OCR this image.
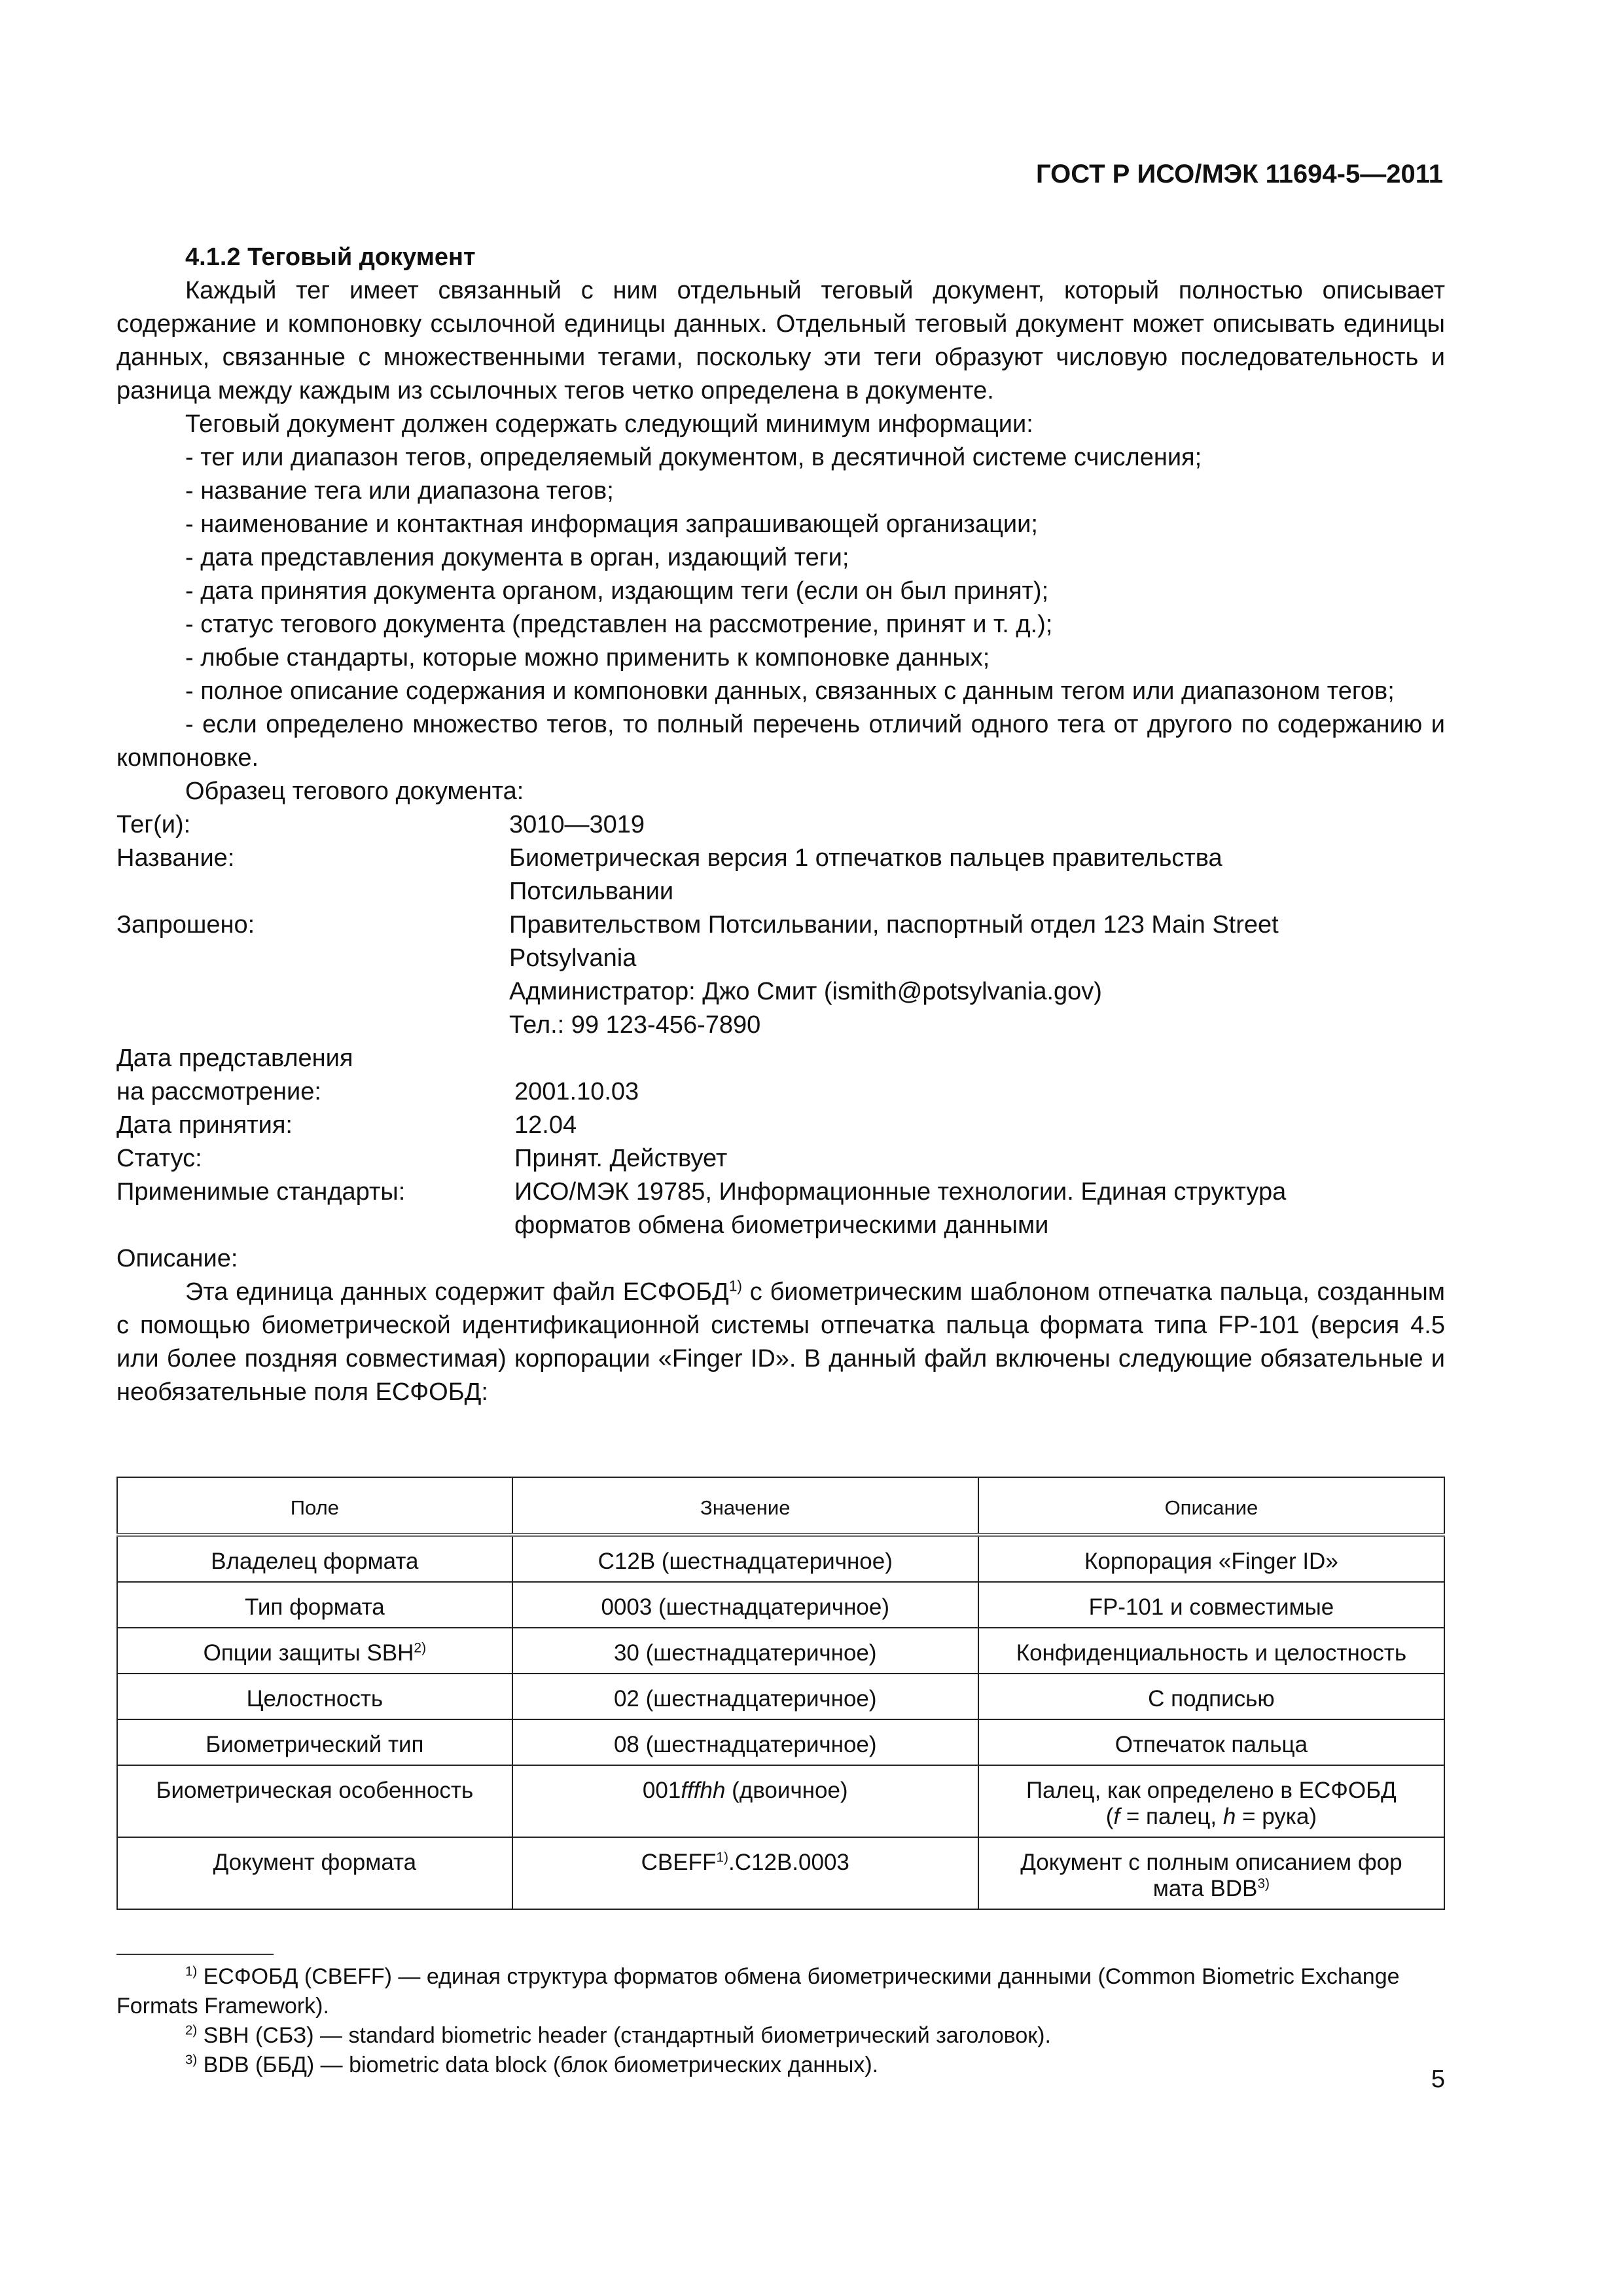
ГОСТ Р ИСО/МЭК 11694-5—2011

4.1.2 Теговый документ

Каждый тег имеет связанный с ним отдельный теговый документ, который полностью описывает содержание и компоновку ссылочной единицы данных. Отдельный теговый документ может описывать единицы данных, связанные с множественными тегами, поскольку эти теги образуют числовую последовательность и разница между каждым из ссылочных тегов четко определена в документе.

Теговый документ должен содержать следующий минимум информации:

- тег или диапазон тегов, определяемый документом, в десятичной системе счисления;

- название тега или диапазона тегов;

- наименование и контактная информация запрашивающей организации;

- дата представления документа в орган, издающий теги;

- дата принятия документа органом, издающим теги (если он был принят);

- статус тегового документа (представлен на рассмотрение, принят и т. д.);

- любые стандарты, которые можно применить к компоновке данных;

- полное описание содержания и компоновки данных, связанных с данным тегом или диапазоном тегов;

- если определено множество тегов, то полный перечень отличий одного тега от другого по содержанию и компоновке.

Образец тегового документа:

Тег(и):	3010—3019
Название:	Биометрическая версия 1 отпечатков пальцев правительства
Потсильвании
Запрошено:	Правительством Потсильвании, паспортный отдел 123 Main Street
Potsylvania
Администратор: Джо Смит (ismith@potsylvania.gov)
Тел.: 99 123-456-7890
Дата представления
на рассмотрение:
	2001.10.03
Дата принятия:	12.04
Статус:	Принят. Действует
Применимые стандарты:	ИСО/МЭК 19785, Информационные технологии. Единая структура
форматов обмена биометрическими данными

Описание:

Эта единица данных содержит файл ЕСФОБД$^{1)}$ с биометрическим шаблоном отпечатка пальца, созданным с помощью биометрической идентификационной системы отпечатка пальца формата типа FP-101 (версия 4.5 или более поздняя совместимая) корпорации «Finger ID». В данный файл включены следующие обязательные и необязательные поля ЕСФОБД:

Поле	Значение	Описание
Владелец формата	C12B (шестнадцатеричное)	Корпорация «Finger ID»
Тип формата	0003 (шестнадцатеричное)	FP-101 и совместимые
Опции защиты SBH$^{2)}$	30 (шестнадцатеричное)	Конфиденциальность и целостность
Целостность	02 (шестнадцатеричное)	С подписью
Биометрический тип	08 (шестнадцатеричное)	Отпечаток пальца
Биометрическая особенность	001fffhh (двоичное)	Палец, как определено в ЕСФОБД
(f = палец, h = рука)

Документ формата	CBEFF$^{1)}$.C12B.0003	Документ с полным описанием фор
мата BDB$^{3)}$

$^{1)}$ ЕСФОБД (CBEFF) — единая структура форматов обмена биометрическими данными (Common Biometric Exchange Formats Framework).

$^{2)}$ SBH (СБЗ) — standard biometric header (стандартный биометрический заголовок).

$^{3)}$ BDB (ББД) — biometric data block (блок биометрических данных).

5
